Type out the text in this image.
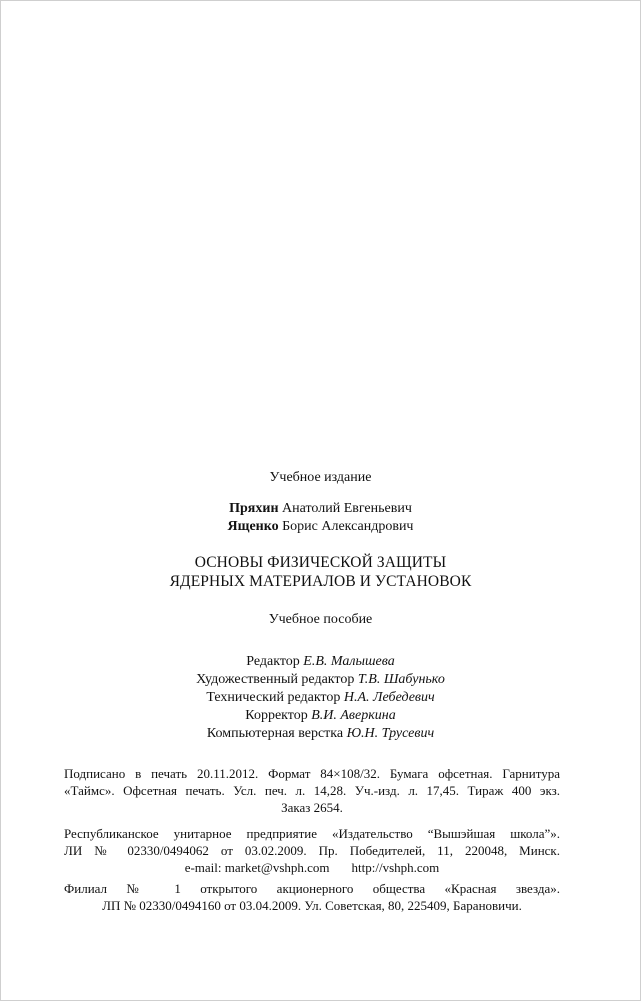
Учебное издание
Пряхин Анатолий Евгеньевич
Ященко Борис Александрович
ОСНОВЫ ФИЗИЧЕСКОЙ ЗАЩИТЫ
ЯДЕРНЫХ МАТЕРИАЛОВ И УСТАНОВОК
Учебное пособие
Редактор Е.В. Малышева
Художественный редактор Т.В. Шабунько
Технический редактор Н.А. Лебедевич
Корректор В.И. Аверкина
Компьютерная верстка Ю.Н. Трусевич
Подписано в печать 20.11.2012. Формат 84×108/32. Бумага офсетная. Гарнитура
«Таймс». Офсетная печать. Усл. печ. л. 14,28. Уч.-изд. л. 17,45. Тираж 400 экз.
Заказ 2654.
Республиканское унитарное предприятие «Издательство “Вышэйшая школа”».
ЛИ № 02330/0494062 от 03.02.2009. Пр. Победителей, 11, 220048, Минск.
e-mail: market@vshph.com http://vshph.com
Филиал № 1 открытого акционерного общества «Красная звезда».
ЛП № 02330/0494160 от 03.04.2009. Ул. Советская, 80, 225409, Барановичи.
